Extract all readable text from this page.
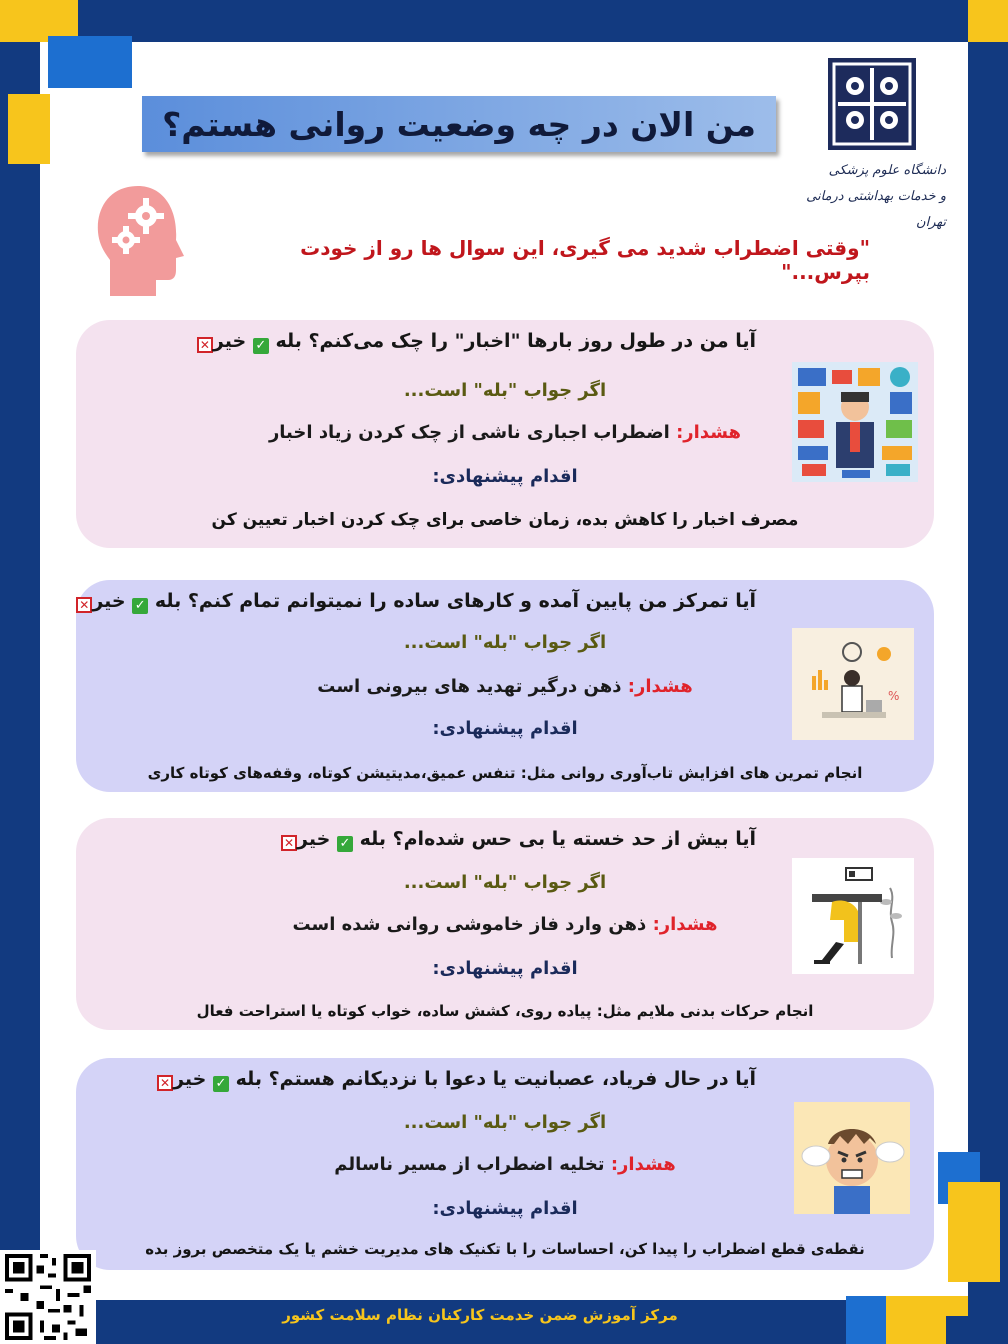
من الان در چه وضعیت روانی هستم؟
دانشگاه علوم پزشکی
و خدمات بهداشتی درمانی تهران
"وقتی اضطراب شدید می گیری، این سوال ها رو از خودت بپرس..."
آیا من در طول روز بارها "اخبار" را چک می‌کنم؟ بله ✓ خیر✕
اگر جواب "بله" است...
هشدار: اضطراب اجباری ناشی از چک کردن زیاد اخبار
اقدام پیشنهادی:
مصرف اخبار را کاهش بده، زمان خاصی برای چک کردن اخبار تعیین کن
آیا تمرکز من پایین آمده و کارهای ساده را نمیتوانم تمام کنم؟ بله ✓ خیر✕
اگر جواب "بله" است...
هشدار: ذهن درگیر تهدید های بیرونی است
اقدام پیشنهادی:
انجام تمرین های افزایش تاب‌آوری روانی مثل: تنفس عمیق،مدیتیشن کوتاه، وقفه‌های کوتاه کاری
%
آیا بیش از حد خسته یا بی حس شده‌ام؟ بله ✓ خیر✕
اگر جواب "بله" است...
هشدار: ذهن وارد فاز خاموشی روانی شده است
اقدام پیشنهادی:
انجام حرکات بدنی ملایم مثل: پیاده روی، کشش ساده، خواب کوتاه یا استراحت فعال
آیا در حال فریاد، عصبانیت یا دعوا با نزدیکانم هستم؟ بله ✓ خیر✕
اگر جواب "بله" است...
هشدار: تخلیه اضطراب از مسیر ناسالم
اقدام پیشنهادی:
نقطه‌ی قطع اضطراب را پیدا کن، احساسات را با تکنیک های مدیریت خشم یا یک متخصص بروز بده
مرکز آموزش ضمن خدمت کارکنان نظام سلامت کشور
